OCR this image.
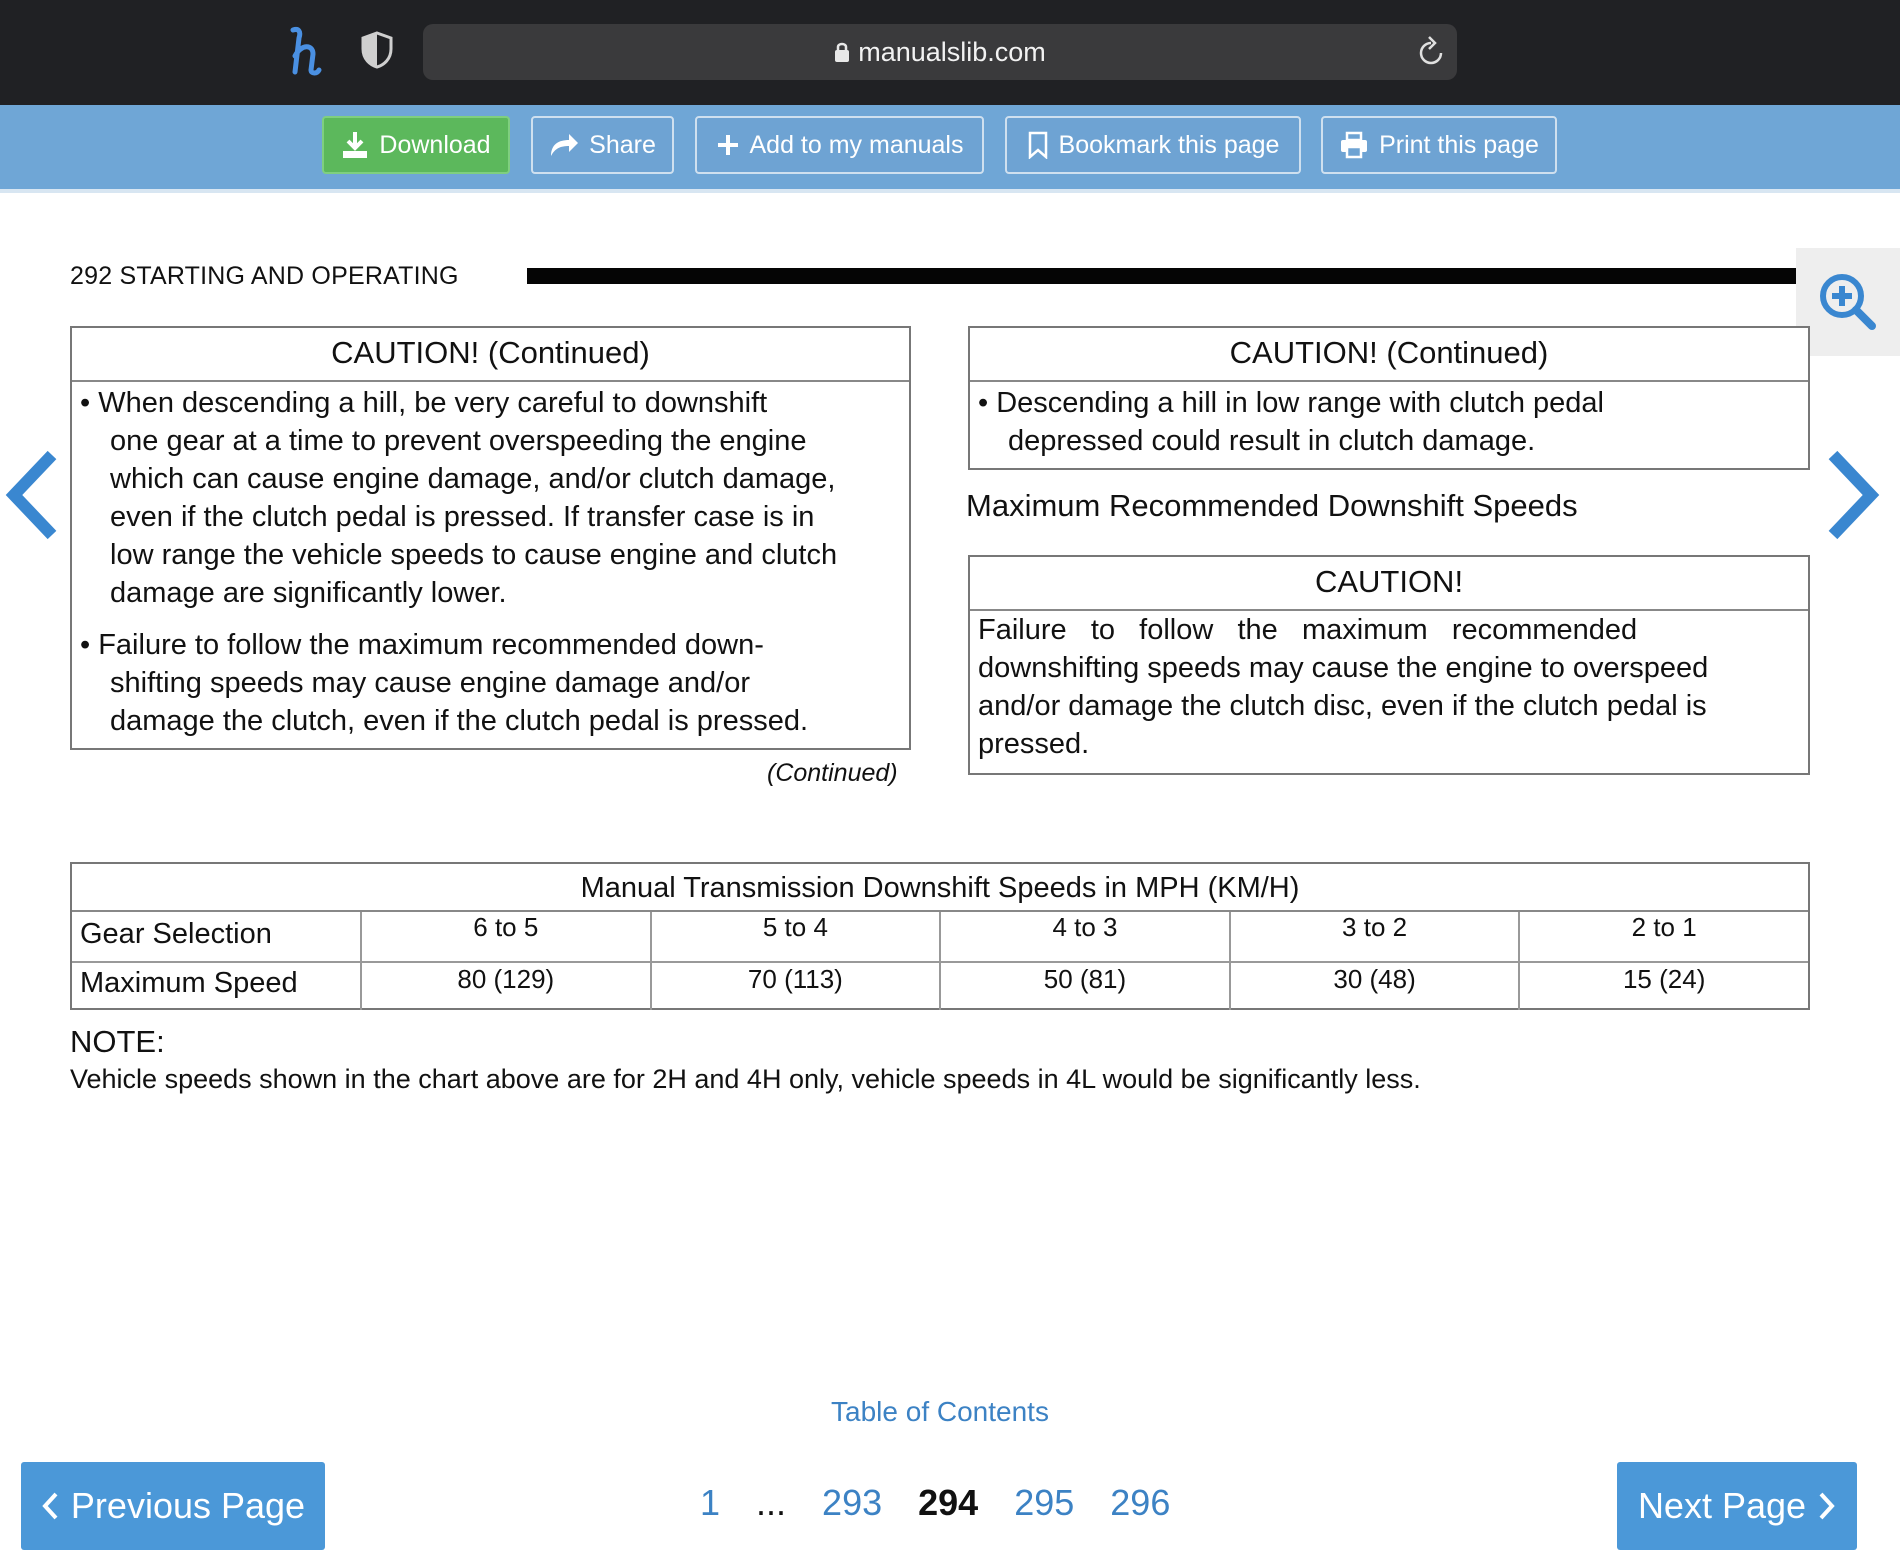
manualslib.com
Download	Share	Add to my manuals	Bookmark this page	Print this page
292 STARTING AND OPERATING
CAUTION! (Continued)
• When descending a hill, be very careful to downshift
one gear at a time to prevent overspeeding the engine
which can cause engine damage, and/or clutch damage,
even if the clutch pedal is pressed. If transfer case is in
low range the vehicle speeds to cause engine and clutch
damage are significantly lower.
• Failure to follow the maximum recommended down-
shifting speeds may cause engine damage and/or
damage the clutch, even if the clutch pedal is pressed.
(Continued)
CAUTION! (Continued)
• Descending a hill in low range with clutch pedal
depressed could result in clutch damage.
Maximum Recommended Downshift Speeds
CAUTION!
Failure   to   follow   the   maximum   recommended
downshifting speeds may cause the engine to overspeed
and/or damage the clutch disc, even if the clutch pedal is
pressed.
Manual Transmission Downshift Speeds in MPH (KM/H)
Gear Selection	6 to 5	5 to 4	4 to 3	3 to 2	2 to 1
Maximum Speed	80 (129)	70 (113)	50 (81)	30 (48)	15 (24)
NOTE:
Vehicle speeds shown in the chart above are for 2H and 4H only, vehicle speeds in 4L would be significantly less.
Table of Contents
Previous Page	1 ... 293 294 295 296	Next Page
